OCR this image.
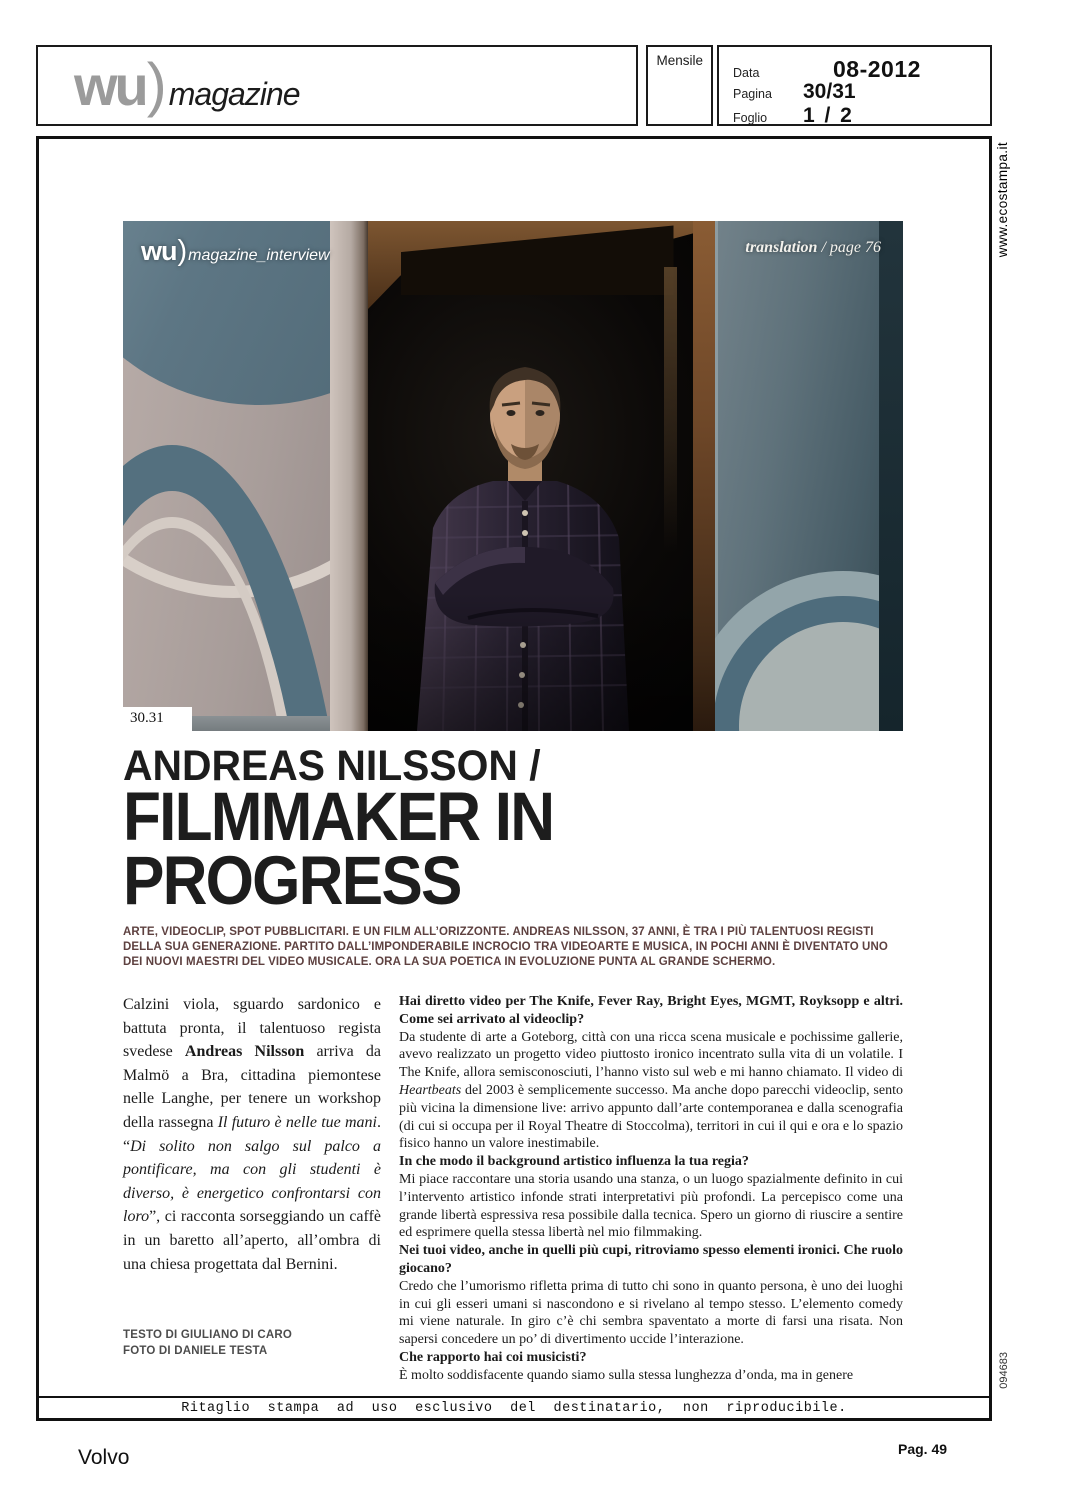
wu ) magazine
Mensile
Data	08-2012
Pagina	30/31
Foglio	1 / 2
www.ecostampa.it
094683
wu ) magazine_interview	translation / page 76
30.31
ANDREAS NILSSON /
FILMMAKER IN PROGRESS

ARTE, VIDEOCLIP, SPOT PUBBLICITARI. E UN FILM ALL’ORIZZONTE. ANDREAS NILSSON, 37 ANNI, È TRA I PIÙ TALENTUOSI REGISTI DELLA SUA GENERAZIONE. PARTITO DALL’IMPONDERABILE INCROCIO TRA VIDEOARTE E MUSICA, IN POCHI ANNI È DIVENTATO UNO DEI NUOVI MAESTRI DEL VIDEO MUSICALE. ORA LA SUA POETICA IN EVOLUZIONE PUNTA AL GRANDE SCHERMO.

Calzini viola, sguardo sardonico e battuta pronta, il talentuoso regista svedese Andreas Nilsson arriva da Malmö a Bra, cittadina piemontese nelle Langhe, per tenere un workshop della rassegna Il futuro è nelle tue mani. “Di solito non salgo sul palco a pontificare, ma con gli studenti è diverso, è energetico confrontarsi con loro”, ci racconta sorseggiando un caffè in un baretto all’aperto, all’ombra di una chiesa progettata dal Bernini.

TESTO DI GIULIANO DI CARO
FOTO DI DANIELE TESTA

Hai diretto video per The Knife, Fever Ray, Bright Eyes, MGMT, Royksopp e altri. Come sei arrivato al videoclip?

Da studente di arte a Goteborg, città con una ricca scena musicale e pochissime gallerie, avevo realizzato un progetto video piuttosto ironico incentrato sulla vita di un volatile. I The Knife, allora semisconosciuti, l’hanno visto sul web e mi hanno chiamato. Il video di Heartbeats del 2003 è semplicemente successo. Ma anche dopo parecchi videoclip, sento più vicina la dimensione live: arrivo appunto dall’arte contemporanea e dalla scenografia (di cui si occupa per il Royal Theatre di Stoccolma), territori in cui il qui e ora e lo spazio fisico hanno un valore inestimabile.

In che modo il background artistico influenza la tua regia?

Mi piace raccontare una storia usando una stanza, o un luogo spazialmente definito in cui l’intervento artistico infonde strati interpretativi più profondi. La percepisco come una grande libertà espressiva resa possibile dalla tecnica. Spero un giorno di riuscire a sentire ed esprimere quella stessa libertà nel mio filmmaking.

Nei tuoi video, anche in quelli più cupi, ritroviamo spesso elementi ironici. Che ruolo giocano?

Credo che l’umorismo rifletta prima di tutto chi sono in quanto persona, è uno dei luoghi in cui gli esseri umani si nascondono e si rivelano al tempo stesso. L’elemento comedy mi viene naturale. In giro c’è chi sembra spaventato a morte di farsi una risata. Non sapersi concedere un po’ di divertimento uccide l’interazione.

Che rapporto hai coi musicisti?

È molto soddisfacente quando siamo sulla stessa lunghezza d’onda, ma in genere

Ritaglio stampa ad uso esclusivo del destinatario, non riproducibile.
Volvo	Pag. 49
